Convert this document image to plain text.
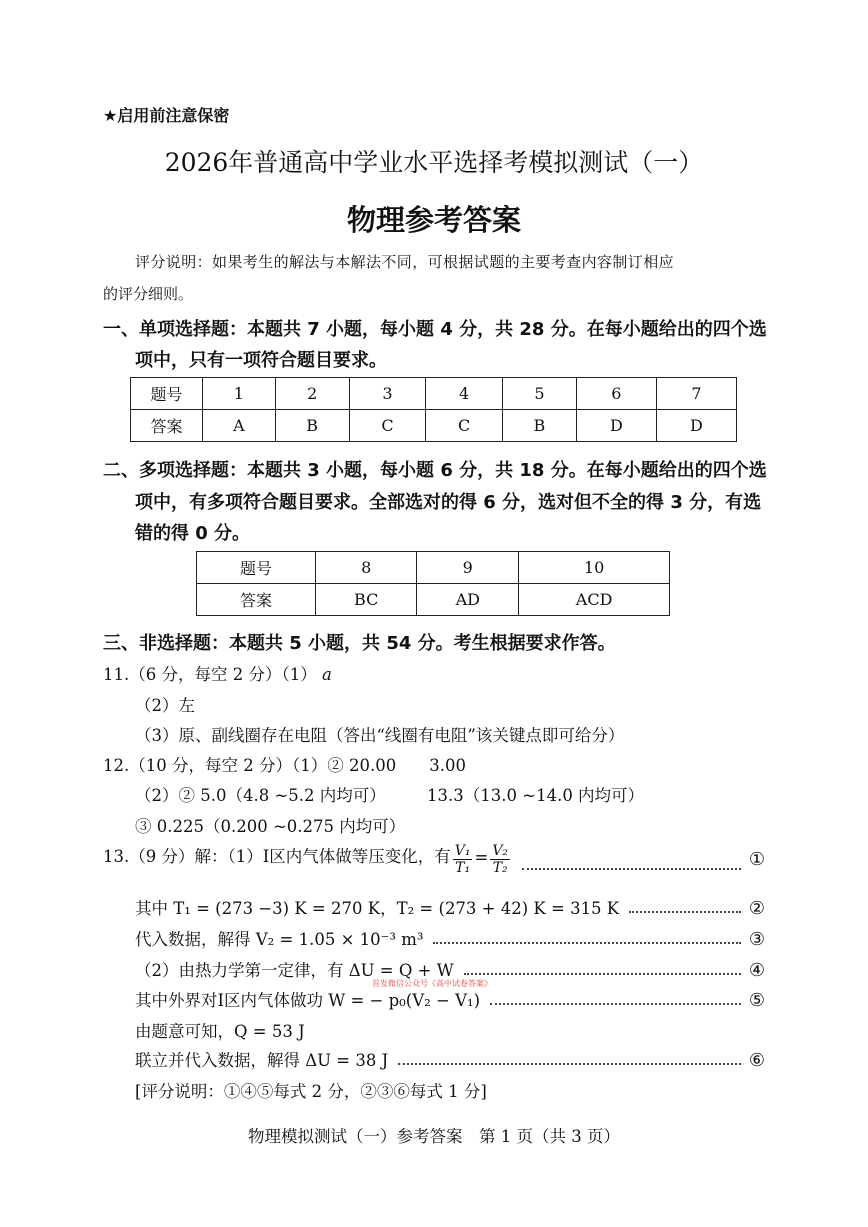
★启用前注意保密
2026年普通高中学业水平选择考模拟测试（一）
物理参考答案
评分说明：如果考生的解法与本解法不同，可根据试题的主要考查内容制订相应
的评分细则。
一、单项选择题：本题共 7 小题，每小题 4 分，共 28 分。在每小题给出的四个选
项中，只有一项符合题目要求。
题号	1	2	3	4	5	6	7
答案	A	B	C	C	B	D	D
二、多项选择题：本题共 3 小题，每小题 6 分，共 18 分。在每小题给出的四个选
项中，有多项符合题目要求。全部选对的得 6 分，选对但不全的得 3 分，有选
错的得 0 分。
题号	8	9	10
答案	BC	AD	ACD
三、非选择题：本题共 5 小题，共 54 分。考生根据要求作答。
11.（6 分，每空 2 分）（1） a
（2）左
（3）原、副线圈存在电阻（答出“线圈有电阻”该关键点即可给分）
12.（10 分，每空 2 分）（1）② 20.00　　3.00
（2）② 5.0（4.8 ~5.2 内均可）　　　13.3（13.0 ~14.0 内均可）
③ 0.225（0.200 ~0.275 内均可）
13.（9 分）解：（1）Ⅰ区内气体做等压变化，有 $\frac{\text{V₁}}{\text{T₁}} = \frac{\text{V₂}}{\text{T₂}}$	①
其中 T₁ = (273 −3) K = 270 K，T₂ = (273 + 42) K = 315 K	②
代入数据，解得 V₂ = 1.05 × 10⁻³ m³	③
（2）由热力学第一定律，有 ΔU = Q + W	④
首发微信公众号《高中试卷答案》
其中外界对Ⅰ区内气体做功 W = − p₀(V₂ − V₁)	⑤
由题意可知，Q = 53 J
联立并代入数据，解得 ΔU = 38 J	⑥
[评分说明：①④⑤每式 2 分，②③⑥每式 1 分]
物理模拟测试（一）参考答案　第 1 页（共 3 页）
